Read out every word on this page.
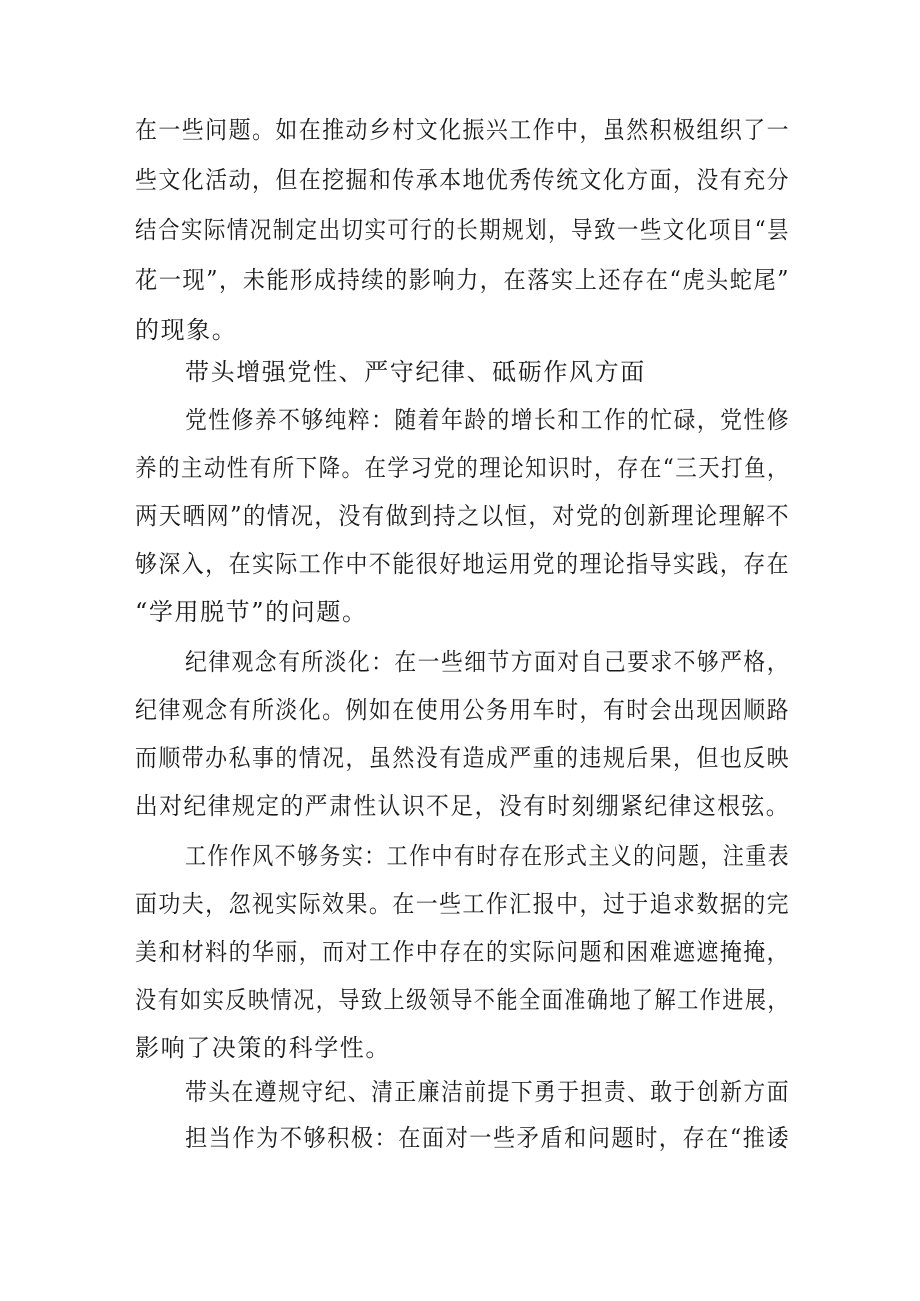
在一些问题。如在推动乡村文化振兴工作中，虽然积极组织了一
些文化活动，但在挖掘和传承本地优秀传统文化方面，没有充分
结合实际情况制定出切实可行的长期规划，导致一些文化项目“昙
花一现”，未能形成持续的影响力，在落实上还存在“虎头蛇尾”
的现象。
带头增强党性、严守纪律、砥砺作风方面
党性修养不够纯粹：随着年龄的增长和工作的忙碌，党性修
养的主动性有所下降。在学习党的理论知识时，存在“三天打鱼，
两天晒网”的情况，没有做到持之以恒，对党的创新理论理解不
够深入，在实际工作中不能很好地运用党的理论指导实践，存在
“学用脱节”的问题。
纪律观念有所淡化：在一些细节方面对自己要求不够严格，
纪律观念有所淡化。例如在使用公务用车时，有时会出现因顺路
而顺带办私事的情况，虽然没有造成严重的违规后果，但也反映
出对纪律规定的严肃性认识不足，没有时刻绷紧纪律这根弦。
工作作风不够务实：工作中有时存在形式主义的问题，注重表
面功夫，忽视实际效果。在一些工作汇报中，过于追求数据的完
美和材料的华丽，而对工作中存在的实际问题和困难遮遮掩掩，
没有如实反映情况，导致上级领导不能全面准确地了解工作进展，
影响了决策的科学性。
带头在遵规守纪、清正廉洁前提下勇于担责、敢于创新方面
担当作为不够积极：在面对一些矛盾和问题时，存在“推诿
